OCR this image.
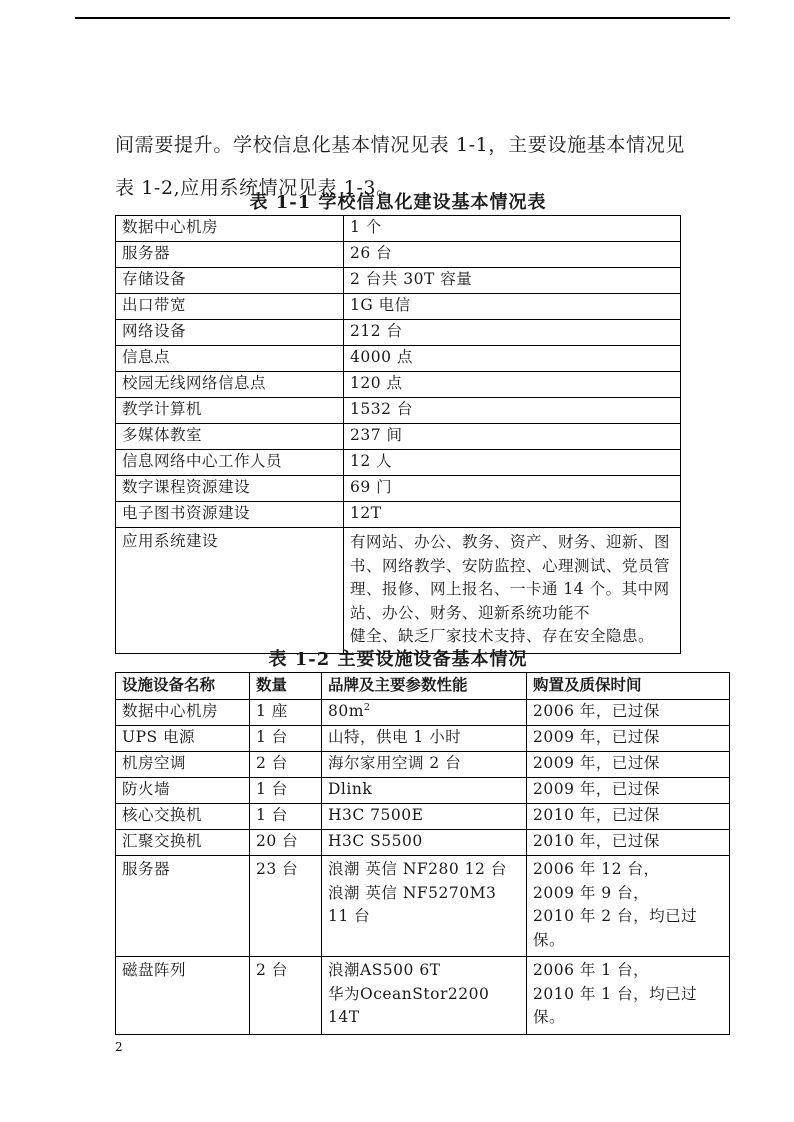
间需要提升。学校信息化基本情况见表 1-1，主要设施基本情况见表 1-2,应用系统情况见表 1-3。

表 1-1 学校信息化建设基本情况表
数据中心机房	1 个
服务器	26 台
存储设备	2 台共 30T 容量
出口带宽	1G 电信
网络设备	212 台
信息点	4000 点
校园无线网络信息点	120 点
教学计算机	1532 台
多媒体教室	237 间
信息网络中心工作人员	12 人
数字课程资源建设	69 门
电子图书资源建设	12T
应用系统建设	有网站、办公、教务、资产、财务、迎新、图书、网络教学、安防监控、心理测试、党员管理、报修、网上报名、一卡通 14 个。其中网站、办公、财务、迎新系统功能不
健全、缺乏厂家技术支持、存在安全隐患。
表 1-2 主要设施设备基本情况
设施设备名称	数量	品牌及主要参数性能	购置及质保时间
数据中心机房	1 座	$80m^2$	2006 年，已过保
UPS 电源	1 台	山特，供电 1 小时	2009 年，已过保
机房空调	2 台	海尔家用空调 2 台	2009 年，已过保
防火墙	1 台	Dlink	2009 年，已过保
核心交换机	1 台	H3C 7500E	2010 年，已过保
汇聚交换机	20 台	H3C S5500	2010 年，已过保
服务器	23 台	浪潮 英信 NF280 12 台
浪潮 英信 NF5270M3 11 台	2006 年 12 台，
2009 年 9 台，
2010 年 2 台，均已过保。

磁盘阵列	2 台	浪潮AS500 6T
华为OceanStor2200 14T	2006 年 1 台，
2010 年 1 台，均已过
保。
2
